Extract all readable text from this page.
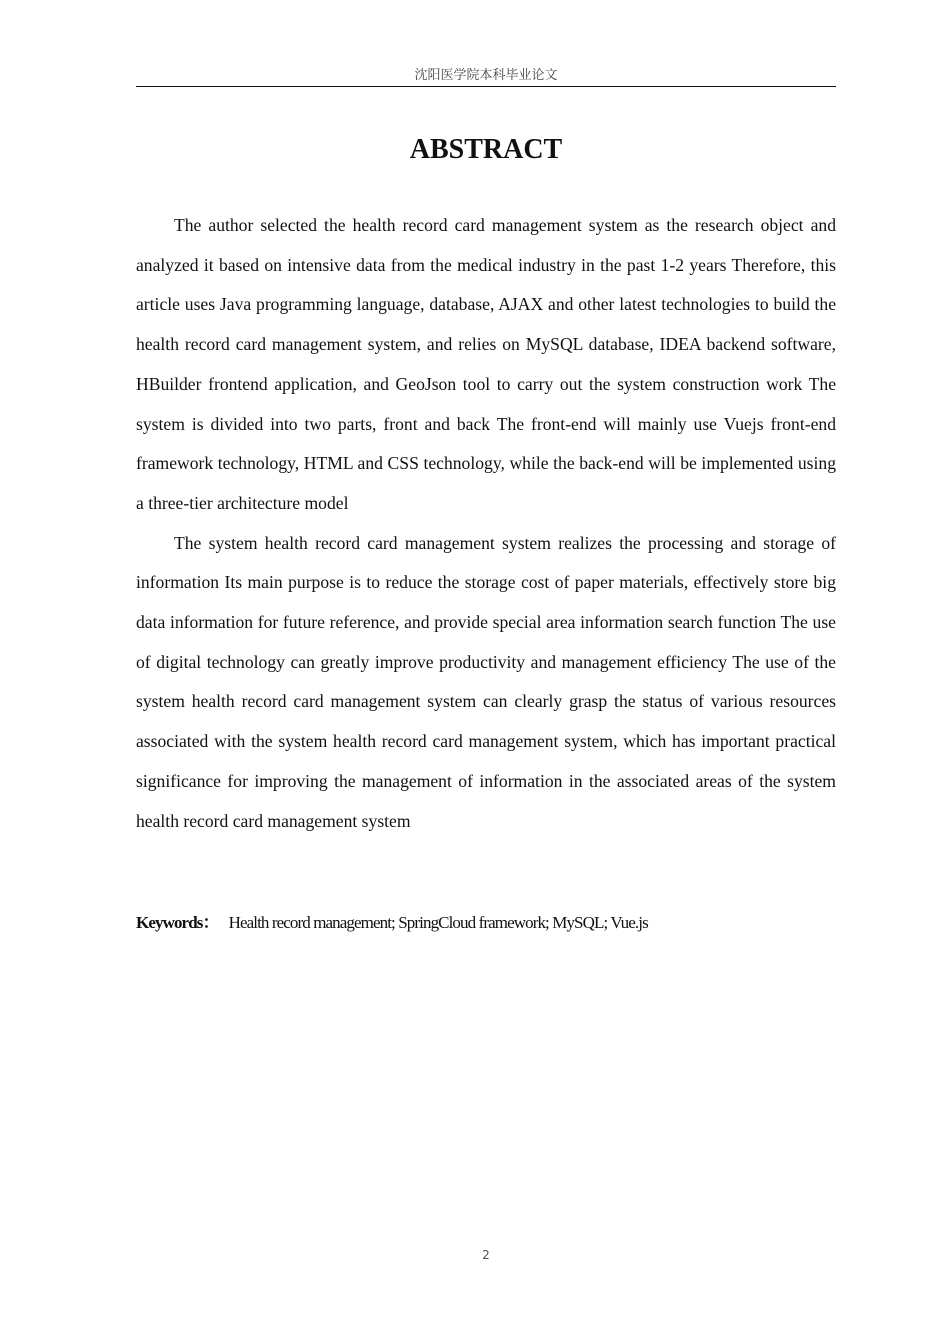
沈阳医学院本科毕业论文
ABSTRACT

The author selected the health record card management system as the research object and analyzed it based on intensive data from the medical industry in the past 1-2 years Therefore, this article uses Java programming language, database, AJAX and other latest technologies to build the health record card management system, and relies on MySQL database, IDEA backend software, HBuilder frontend application, and GeoJson tool to carry out the system construction work The system is divided into two parts, front and back The front-end will mainly use Vuejs front-end framework technology, HTML and CSS technology, while the back-end will be implemented using a three-tier architecture model

The system health record card management system realizes the processing and storage of information Its main purpose is to reduce the storage cost of paper materials, effectively store big data information for future reference, and provide special area information search function The use of digital technology can greatly improve productivity and management efficiency The use of the system health record card management system can clearly grasp the status of various resources associated with the system health record card management system, which has important practical significance for improving the management of information in the associated areas of the system health record card management system

Keywords： Health record management; SpringCloud framework; MySQL; Vue.js
2
